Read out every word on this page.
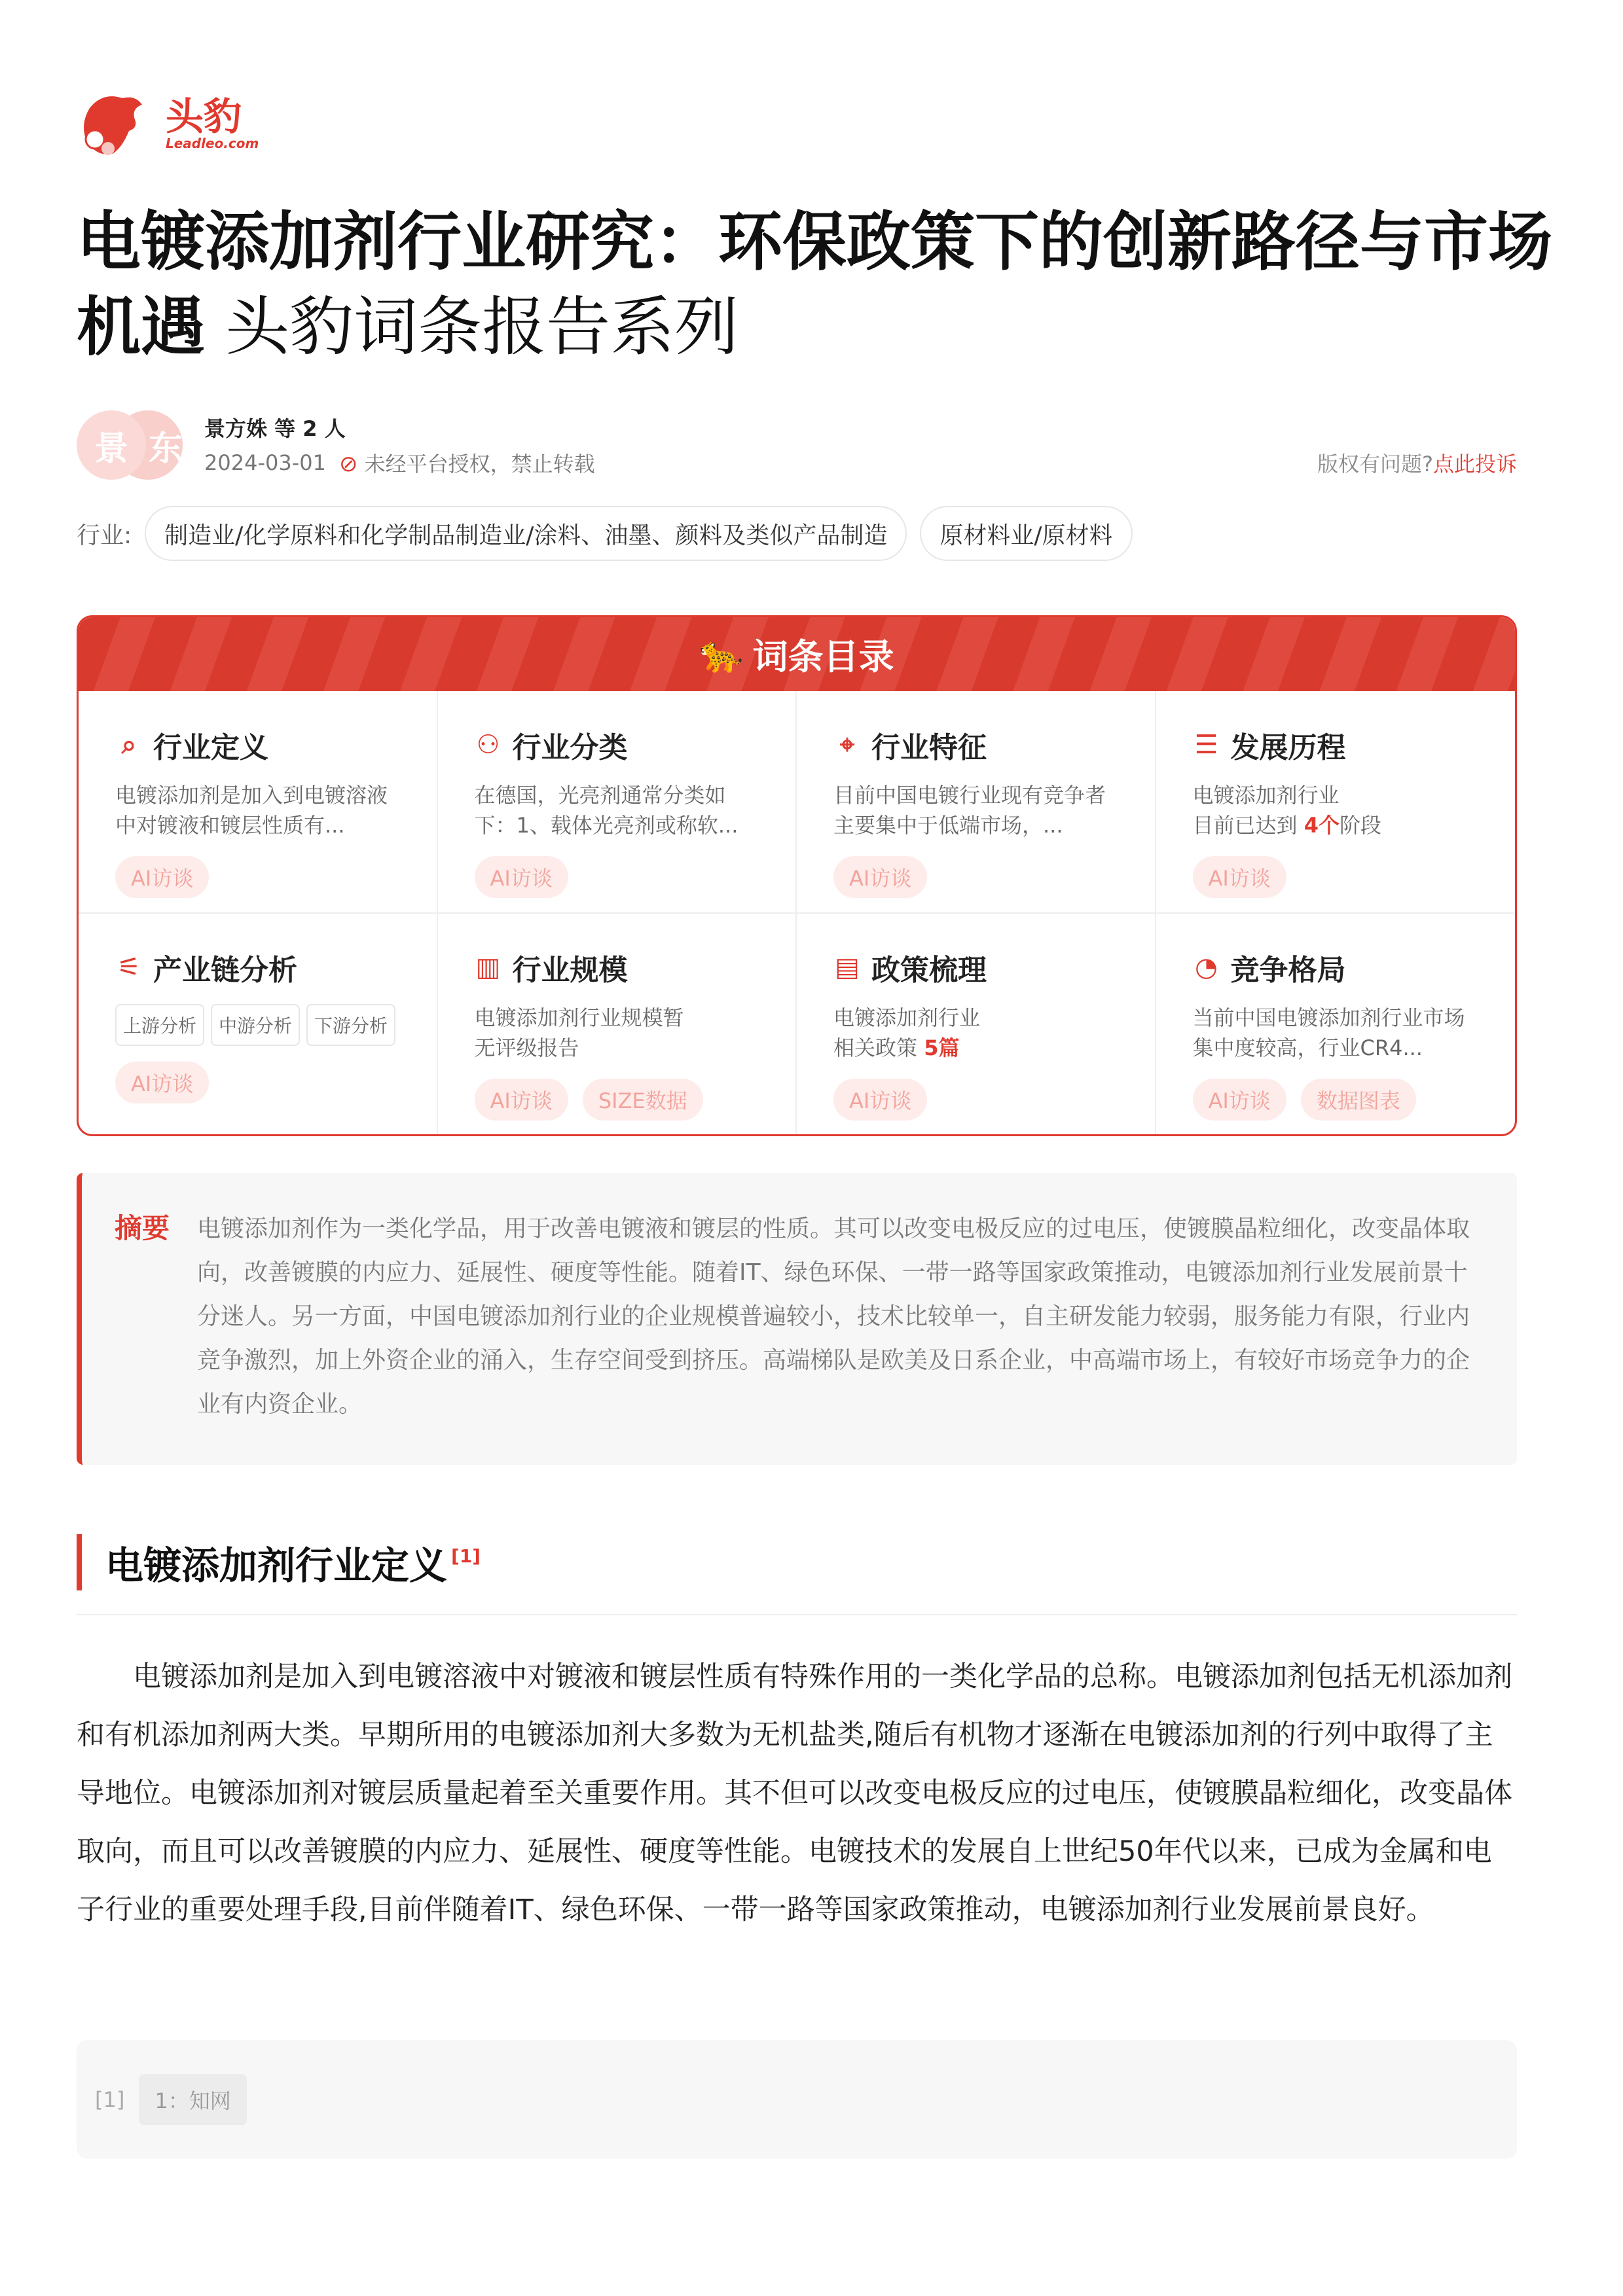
头豹
Leadleo.com
电镀添加剂行业研究：环保政策下的创新路径与市场机遇 头豹词条报告系列
景 东
景方姝 等 2 人
2024-03-01 ⊘ 未经平台授权，禁止转载	版权有问题?点此投诉
行业:	制造业/化学原料和化学制品制造业/涂料、油墨、颜料及类似产品制造	原材料业/原材料
🐆 词条目录
⌕ 行业定义
电镀添加剂是加入到电镀溶液中对镀液和镀层性质有...
AI访谈
⚇ 行业分类
在德国，光亮剂通常分类如下：1、载体光亮剂或称软...
AI访谈
⌖ 行业特征
目前中国电镀行业现有竞争者主要集中于低端市场，...
AI访谈
☰ 发展历程
电镀添加剂行业
目前已达到 4个阶段
AI访谈
⚟ 产业链分析
上游分析	中游分析	下游分析
AI访谈
▥ 行业规模
电镀添加剂行业规模暂无评级报告
AI访谈	SIZE数据
▤ 政策梳理
电镀添加剂行业
相关政策 5篇
AI访谈
◔ 竞争格局
当前中国电镀添加剂行业市场集中度较高，行业CR4...
AI访谈	数据图表
摘要 电镀添加剂作为一类化学品，用于改善电镀液和镀层的性质。其可以改变电极反应的过电压，使镀膜晶粒细化，改变晶体取向，改善镀膜的内应力、延展性、硬度等性能。随着IT、绿色环保、一带一路等国家政策推动，电镀添加剂行业发展前景十分迷人。另一方面，中国电镀添加剂行业的企业规模普遍较小，技术比较单一，自主研发能力较弱，服务能力有限，行业内竞争激烈，加上外资企业的涌入，生存空间受到挤压。高端梯队是欧美及日系企业，中高端市场上，有较好市场竞争力的企业有内资企业。

电镀添加剂行业定义[1]

电镀添加剂是加入到电镀溶液中对镀液和镀层性质有特殊作用的一类化学品的总称。电镀添加剂包括无机添加剂和有机添加剂两大类。早期所用的电镀添加剂大多数为无机盐类,随后有机物才逐渐在电镀添加剂的行列中取得了主导地位。电镀添加剂对镀层质量起着至关重要作用。其不但可以改变电极反应的过电压，使镀膜晶粒细化，改变晶体取向，而且可以改善镀膜的内应力、延展性、硬度等性能。电镀技术的发展自上世纪50年代以来，已成为金属和电子行业的重要处理手段,目前伴随着IT、绿色环保、一带一路等国家政策推动，电镀添加剂行业发展前景良好。

[1]	1：知网
